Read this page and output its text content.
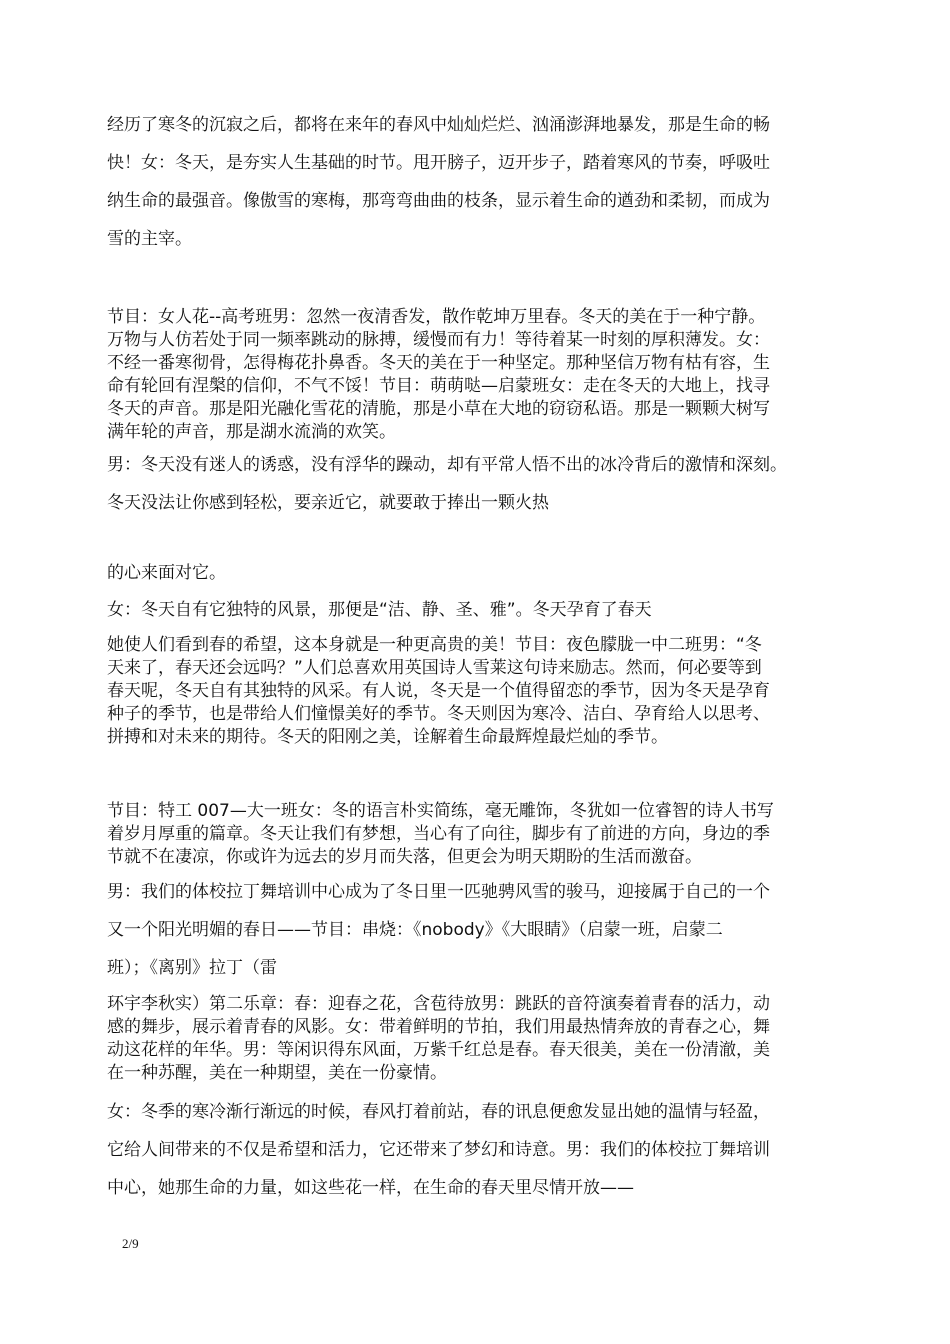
经历了寒冬的沉寂之后，都将在来年的春风中灿灿烂烂、汹涌澎湃地暴发，那是生命的畅
快！女：冬天，是夯实人生基础的时节。甩开膀子，迈开步子，踏着寒风的节奏，呼吸吐
纳生命的最强音。像傲雪的寒梅，那弯弯曲曲的枝条，显示着生命的遒劲和柔韧，而成为
雪的主宰。
节目：女人花--高考班男：忽然一夜清香发，散作乾坤万里春。冬天的美在于一种宁静。
万物与人仿若处于同一频率跳动的脉搏，缓慢而有力！等待着某一时刻的厚积薄发。女：
不经一番寒彻骨，怎得梅花扑鼻香。冬天的美在于一种坚定。那种坚信万物有枯有容，生
命有轮回有涅槃的信仰，不气不馁！节目：萌萌哒—启蒙班女：走在冬天的大地上，找寻
冬天的声音。那是阳光融化雪花的清脆，那是小草在大地的窃窃私语。那是一颗颗大树写
满年轮的声音，那是湖水流淌的欢笑。
男：冬天没有迷人的诱惑，没有浮华的躁动，却有平常人悟不出的冰冷背后的激情和深刻。
冬天没法让你感到轻松，要亲近它，就要敢于捧出一颗火热
的心来面对它。
女：冬天自有它独特的风景，那便是“洁、静、圣、雅”。冬天孕育了春天
她使人们看到春的希望，这本身就是一种更高贵的美！节目：夜色朦胧一中二班男：“冬
天来了，春天还会远吗？”人们总喜欢用英国诗人雪莱这句诗来励志。然而，何必要等到
春天呢，冬天自有其独特的风采。有人说，冬天是一个值得留恋的季节，因为冬天是孕育
种子的季节，也是带给人们憧憬美好的季节。冬天则因为寒冷、洁白、孕育给人以思考、
拼搏和对未来的期待。冬天的阳刚之美，诠解着生命最辉煌最烂灿的季节。
节目：特工 007—大一班女：冬的语言朴实简练，毫无雕饰，冬犹如一位睿智的诗人书写
着岁月厚重的篇章。冬天让我们有梦想，当心有了向往，脚步有了前进的方向，身边的季
节就不在凄凉，你或许为远去的岁月而失落，但更会为明天期盼的生活而激奋。
男：我们的体校拉丁舞培训中心成为了冬日里一匹驰骋风雪的骏马，迎接属于自己的一个
又一个阳光明媚的春日——节目：串烧：《nobody》《大眼睛》（启蒙一班，启蒙二
班）；《离别》拉丁（雷
环宇李秋实）第二乐章：春：迎春之花，含苞待放男：跳跃的音符演奏着青春的活力，动
感的舞步，展示着青春的风影。女：带着鲜明的节拍，我们用最热情奔放的青春之心，舞
动这花样的年华。男：等闲识得东风面，万紫千红总是春。春天很美，美在一份清澈，美
在一种苏醒，美在一种期望，美在一份豪情。
女：冬季的寒冷渐行渐远的时候，春风打着前站，春的讯息便愈发显出她的温情与轻盈，
它给人间带来的不仅是希望和活力，它还带来了梦幻和诗意。男：我们的体校拉丁舞培训
中心，她那生命的力量，如这些花一样，在生命的春天里尽情开放——
2/9
